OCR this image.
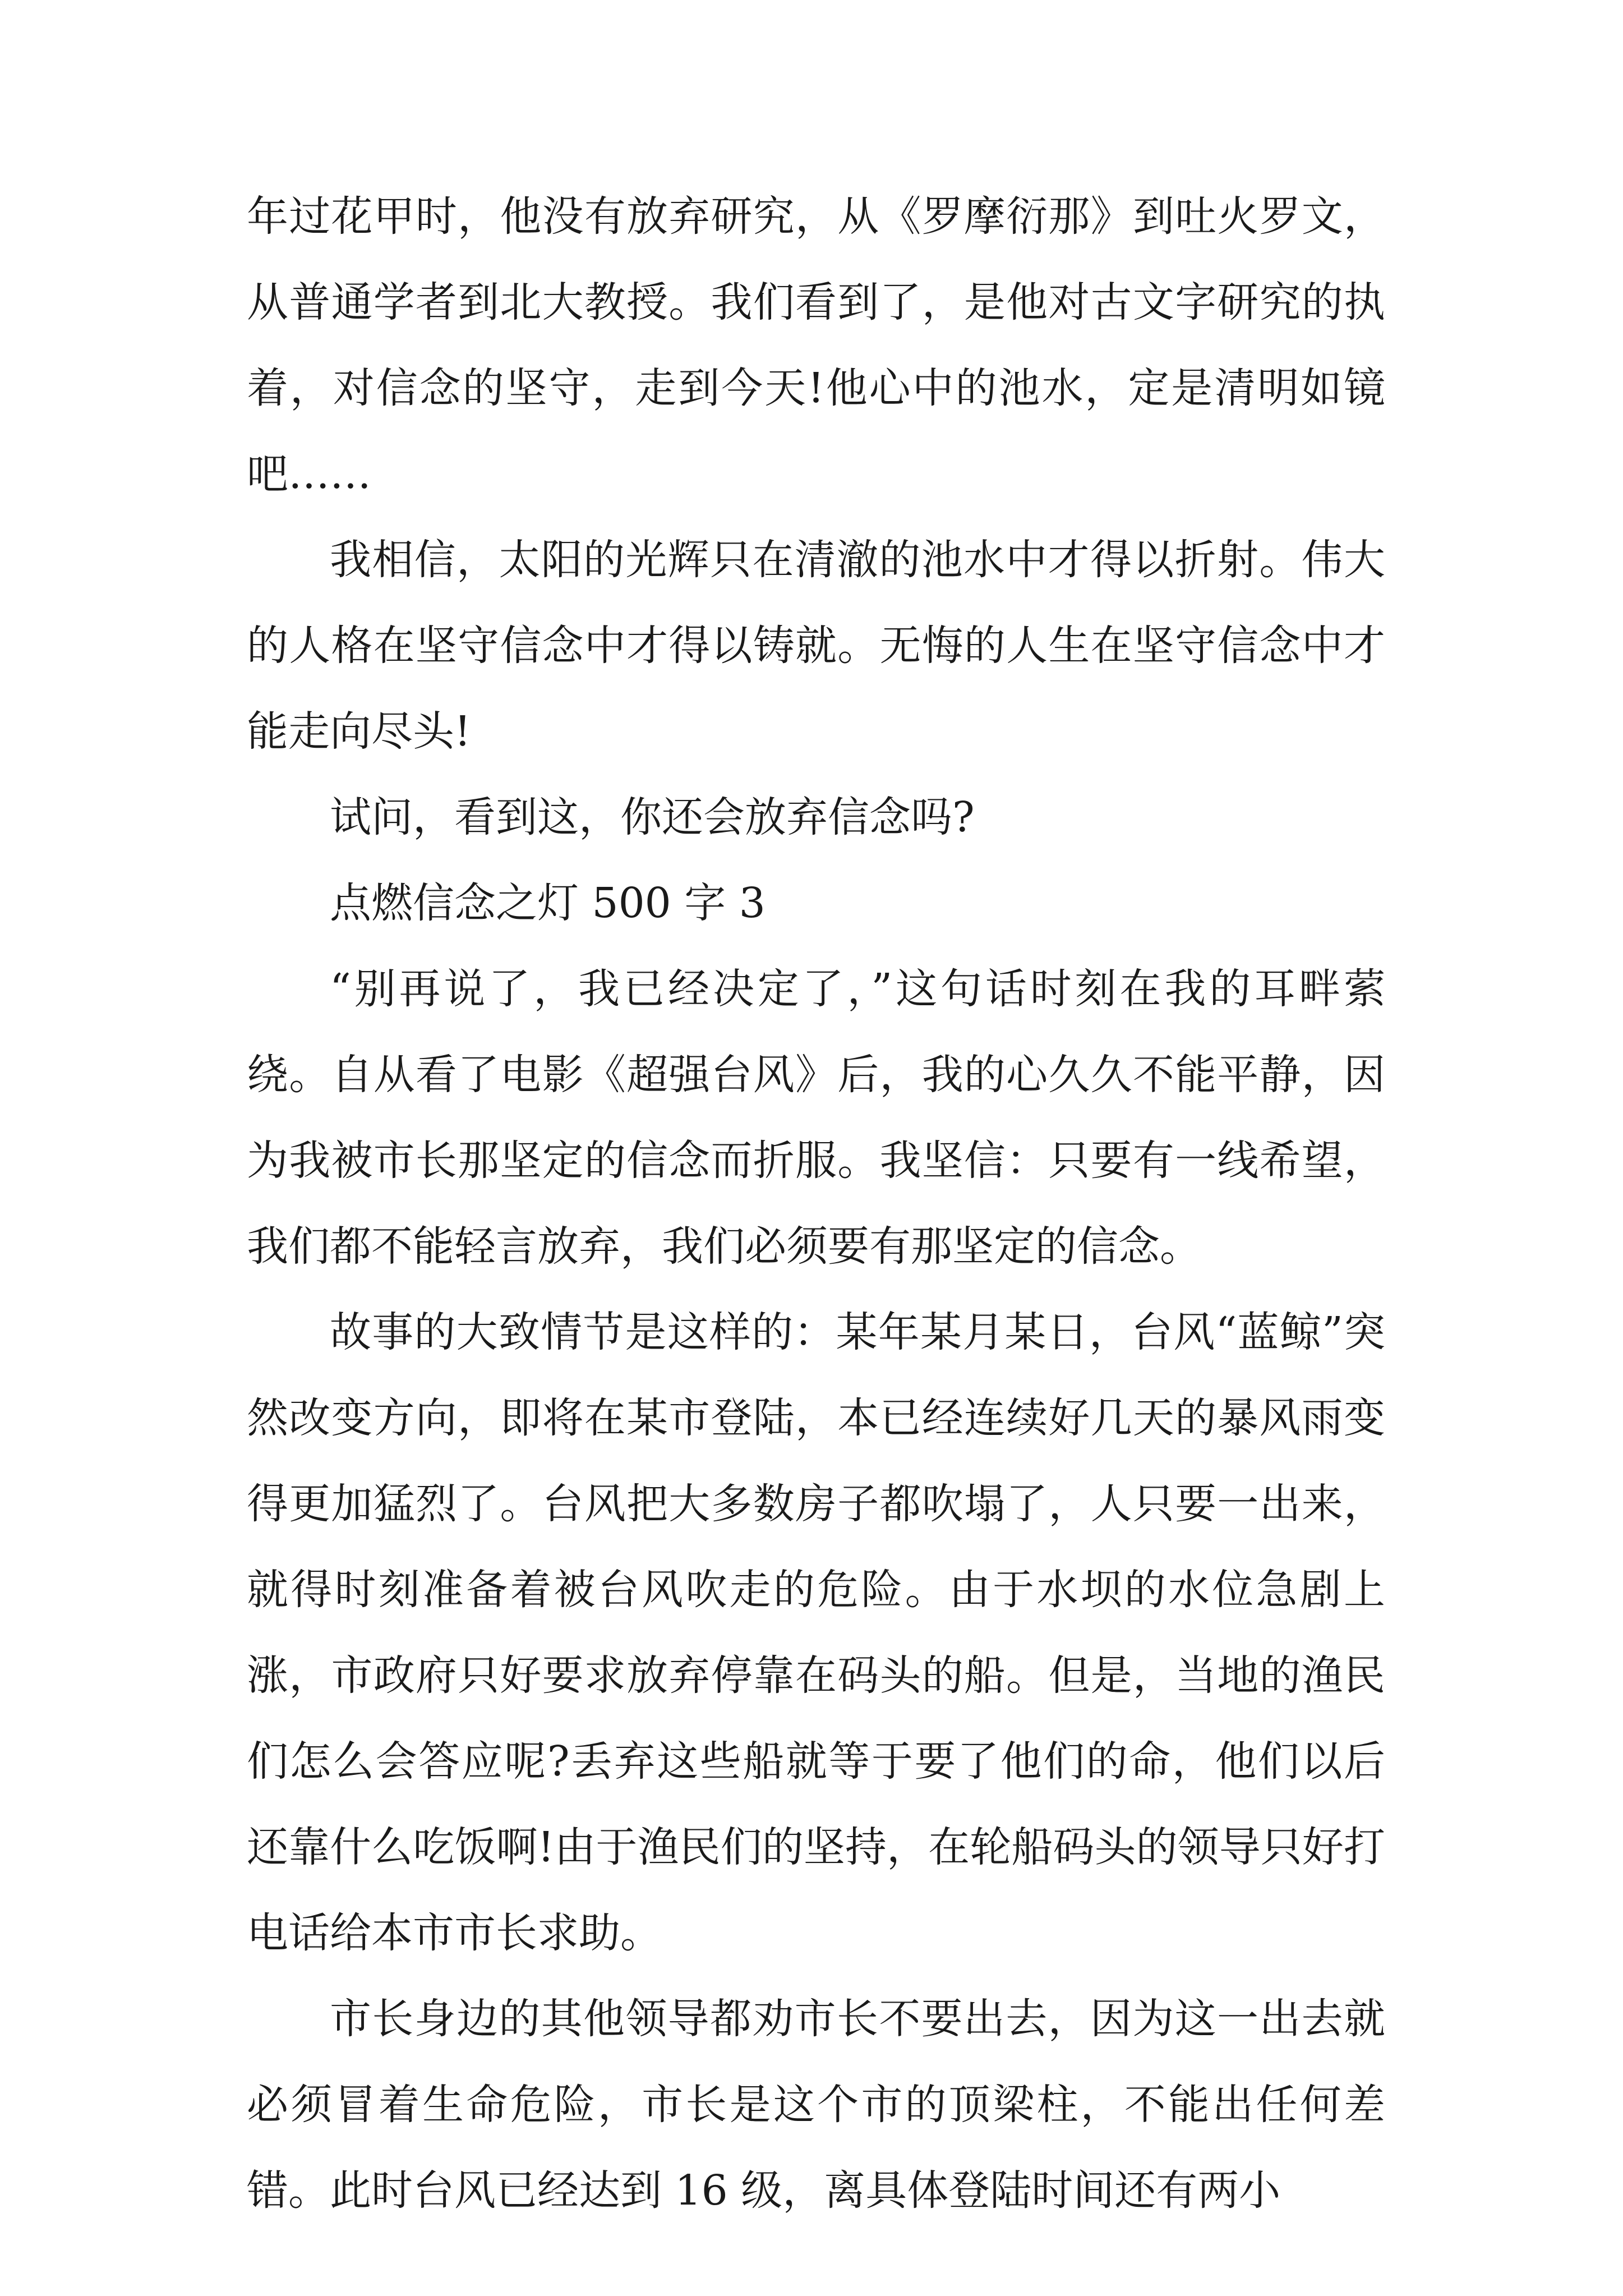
年过花甲时，他没有放弃研究，从《罗摩衍那》到吐火罗文，从普通学者到北大教授。我们看到了，是他对古文字研究的执着，对信念的坚守，走到今天!他心中的池水，定是清明如镜吧……

我相信，太阳的光辉只在清澈的池水中才得以折射。伟大的人格在坚守信念中才得以铸就。无悔的人生在坚守信念中才能走向尽头!

试问，看到这，你还会放弃信念吗?

点燃信念之灯 500 字 3

“别再说了，我已经决定了，”这句话时刻在我的耳畔萦绕。自从看了电影《超强台风》后，我的心久久不能平静，因为我被市长那坚定的信念而折服。我坚信：只要有一线希望，我们都不能轻言放弃，我们必须要有那坚定的信念。

故事的大致情节是这样的：某年某月某日，台风“蓝鲸”突然改变方向，即将在某市登陆，本已经连续好几天的暴风雨变得更加猛烈了。台风把大多数房子都吹塌了，人只要一出来，就得时刻准备着被台风吹走的危险。由于水坝的水位急剧上涨，市政府只好要求放弃停靠在码头的船。但是，当地的渔民们怎么会答应呢?丢弃这些船就等于要了他们的命，他们以后还靠什么吃饭啊!由于渔民们的坚持，在轮船码头的领导只好打电话给本市市长求助。

市长身边的其他领导都劝市长不要出去，因为这一出去就必须冒着生命危险，市长是这个市的顶梁柱，不能出任何差错。此时台风已经达到 16 级，离具体登陆时间还有两小
